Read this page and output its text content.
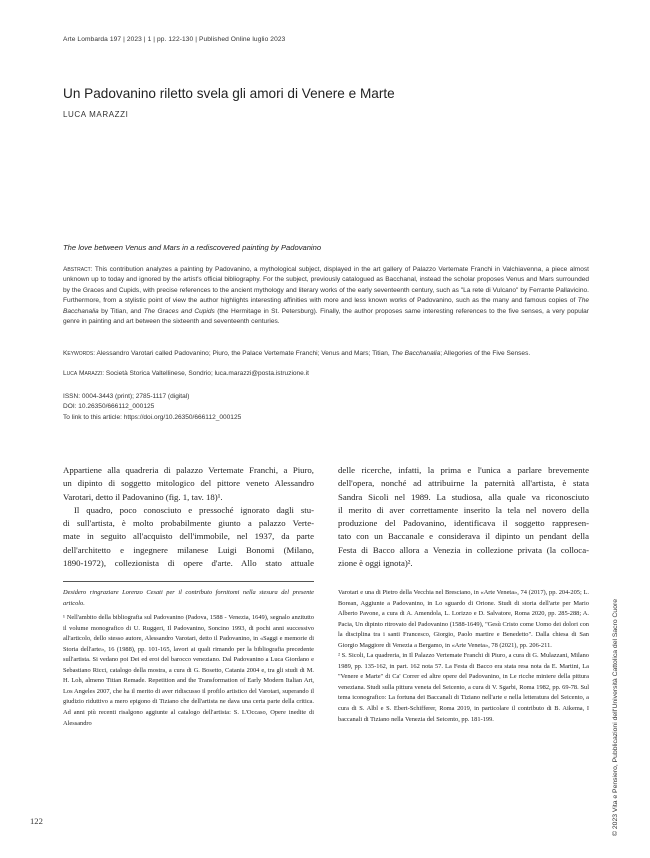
Arte Lombarda 197 | 2023 | 1 | pp. 122-130 | Published Online luglio 2023
Un Padovanino riletto svela gli amori di Venere e Marte
LUCA MARAZZI
The love between Venus and Mars in a rediscovered painting by Padovanino
Abstract: This contribution analyzes a painting by Padovanino, a mythological subject, displayed in the art gallery of Palazzo Vertemate Franchi in Valchiavenna, a piece almost unknown up to today and ignored by the artist's official bibliography. For the subject, previously catalogued as Bacchanal, instead the scholar proposes Venus and Mars surrounded by the Graces and Cupids, with precise references to the ancient mythology and literary works of the early seventeenth century, such as "La rete di Vulcano" by Ferrante Pallavicino. Furthermore, from a stylistic point of view the author highlights interesting affinities with more and less known works of Padovanino, such as the many and famous copies of The Bacchanalia by Titian, and The Graces and Cupids (the Hermitage in St. Petersburg). Finally, the author proposes same interesting references to the five senses, a very popular genre in painting and art between the sixteenth and seventeenth centuries.
Keywords: Alessandro Varotari called Padovanino; Piuro, the Palace Vertemate Franchi; Venus and Mars; Titian, The Bacchanalia; Allegories of the Five Senses.
Luca Marazzi: Società Storica Valtellinese, Sondrio; luca.marazzi@posta.istruzione.it
ISSN: 0004-3443 (print); 2785-1117 (digital)
DOI: 10.26350/666112_000125
To link to this article: https://doi.org/10.26350/666112_000125

Appartiene alla quadreria di palazzo Vertemate Franchi, a Piuro,
un dipinto di soggetto mitologico del pittore veneto Alessandro
Varotari, detto il Padovanino (fig. 1, tav. 18)¹.

Il quadro, poco conosciuto e pressoché ignorato dagli stu-
di sull'artista, è molto probabilmente giunto a palazzo Verte-
mate in seguito all'acquisto dell'immobile, nel 1937, da parte
dell'architetto e ingegnere milanese Luigi Bonomi (Milano,
1890-1972), collezionista di opere d'arte. Allo stato attuale

delle ricerche, infatti, la prima e l'unica a parlare brevemente
dell'opera, nonché ad attribuirne la paternità all'artista, è stata
Sandra Sicoli nel 1989. La studiosa, alla quale va riconosciuto
il merito di aver correttamente inserito la tela nel novero della
produzione del Padovanino, identificava il soggetto rappresen-
tato con un Baccanale e considerava il dipinto un pendant della
Festa di Bacco allora a Venezia in collezione privata (la colloca-
zione è oggi ignota)².

Desidero ringraziare Lorenzo Cesati per il contributo fornitomi nella stesura del presente articolo.

¹ Nell'ambito della bibliografia sul Padovanino (Padova, 1588 - Venezia, 1649), segnalo anzitutto il volume monografico di U. Ruggeri, Il Padovanino, Soncino 1993, di pochi anni successivo all'articolo, dello stesso autore, Alessandro Varotari, detto il Padovanino, in «Saggi e memorie di Storia dell'arte», 16 (1988), pp. 101-165, lavori ai quali rimando per la bibliografia precedente sull'artista. Si vedano poi Dei ed eroi del barocco veneziano. Dal Padovanino a Luca Giordano e Sebastiano Ricci, catalogo della mostra, a cura di G. Bosetto, Catania 2004 e, tra gli studi di M. H. Loh, almeno Titian Remade. Repetition and the Transformation of Early Modern Italian Art, Los Angeles 2007, che ha il merito di aver ridiscusso il profilo artistico del Varotari, superando il giudizio riduttivo a mero epigono di Tiziano che dell'artista ne dava una certa parte della critica. Ad anni più recenti risalgono aggiunte al catalogo dell'artista: S. L'Occaso, Opere inedite di Alessandro

Varotari e una di Pietro della Vecchia nel Bresciano, in «Arte Veneta», 74 (2017), pp. 204-205; L. Borean, Aggiunte a Padovanino, in Lo sguardo di Orione. Studi di storia dell'arte per Mario Alberto Pavone, a cura di A. Amendola, L. Lorizzo e D. Salvatore, Roma 2020, pp. 285-288; A. Pacia, Un dipinto ritrovato del Padovanino (1588-1649), "Gesù Cristo come Uomo dei dolori con la disciplina tra i santi Francesco, Giorgio, Paolo martire e Benedetto". Dalla chiesa di San Giorgio Maggiore di Venezia a Bergamo, in «Arte Veneta», 78 (2021), pp. 206-211.

² S. Sicoli, La quadreria, in Il Palazzo Vertemate Franchi di Piuro, a cura di G. Mulazzani, Milano 1989, pp. 135-162, in part. 162 nota 57. La Festa di Bacco era stata resa nota da E. Martini, La "Venere e Marte" di Ca' Correr ed altre opere del Padovanino, in Le ricche miniere della pittura veneziana. Studi sulla pittura veneta del Seicento, a cura di V. Sgarbi, Roma 1982, pp. 69-78. Sul tema iconografico: La fortuna dei Baccanali di Tiziano nell'arte e nella letteratura del Seicento, a cura di S. Albl e S. Ebert-Schifferer, Roma 2019, in particolare il contributo di B. Aikema, I baccanali di Tiziano nella Venezia del Seicento, pp. 181-199.

122	© 2023 Vita e Pensiero, Pubblicazioni dell'Università Cattolica del Sacro Cuore
